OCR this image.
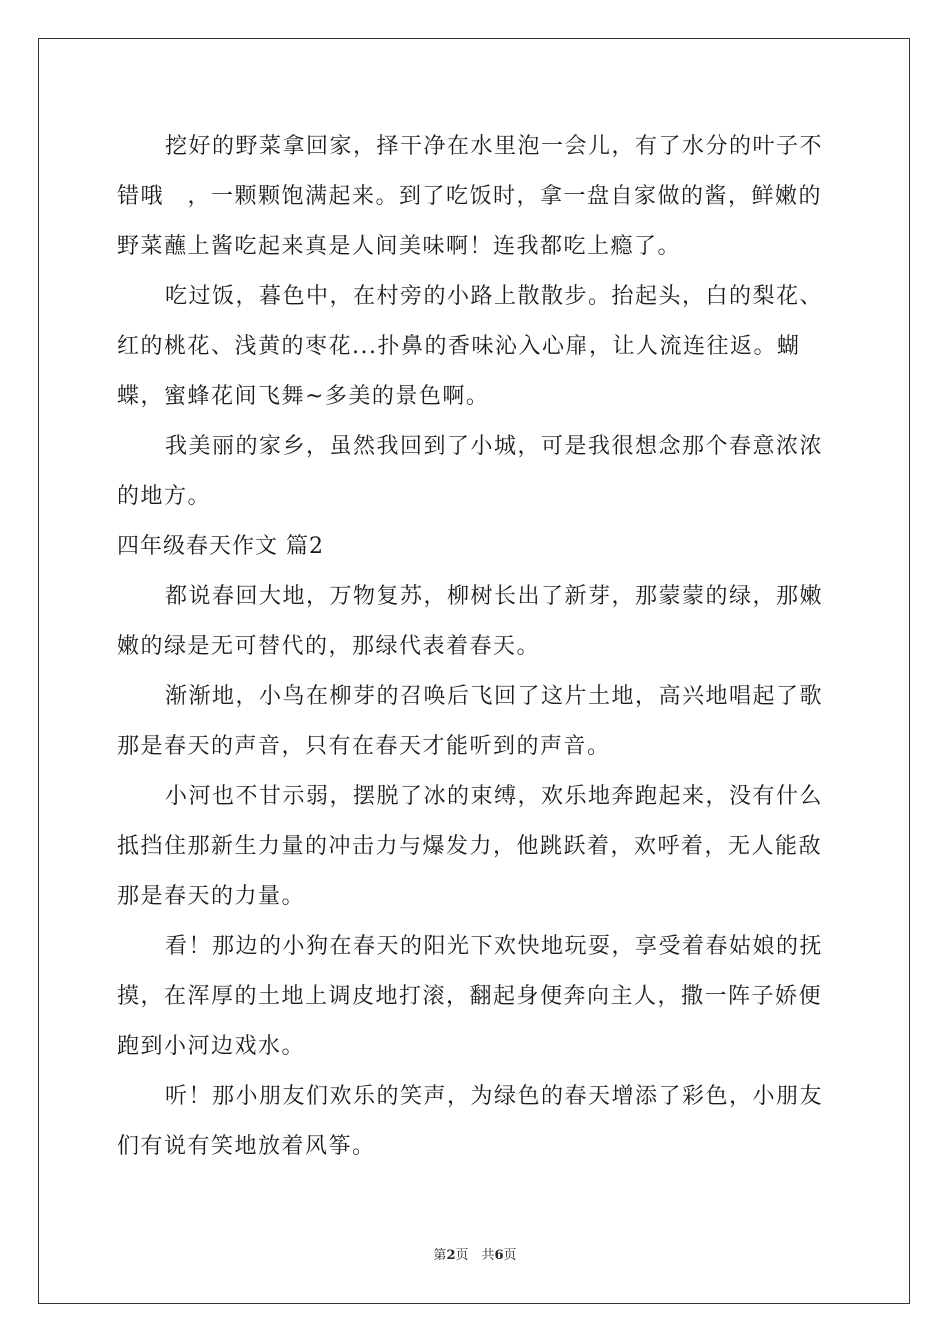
挖好的野菜拿回家，择干净在水里泡一会儿，有了水分的叶子不
错哦　，一颗颗饱满起来。到了吃饭时，拿一盘自家做的酱，鲜嫩的
野菜蘸上酱吃起来真是人间美味啊！连我都吃上瘾了。
吃过饭，暮色中，在村旁的小路上散散步。抬起头，白的梨花、
红的桃花、浅黄的枣花...扑鼻的香味沁入心扉，让人流连往返。蝴
蝶，蜜蜂花间飞舞~多美的景色啊。
我美丽的家乡，虽然我回到了小城，可是我很想念那个春意浓浓
的地方。
四年级春天作文 篇2
都说春回大地，万物复苏，柳树长出了新芽，那蒙蒙的绿，那嫩
嫩的绿是无可替代的，那绿代表着春天。
渐渐地，小鸟在柳芽的召唤后飞回了这片土地，高兴地唱起了歌
那是春天的声音，只有在春天才能听到的声音。
小河也不甘示弱，摆脱了冰的束缚，欢乐地奔跑起来，没有什么
抵挡住那新生力量的冲击力与爆发力，他跳跃着，欢呼着，无人能敌
那是春天的力量。
看！那边的小狗在春天的阳光下欢快地玩耍，享受着春姑娘的抚
摸，在浑厚的土地上调皮地打滚，翻起身便奔向主人，撒一阵子娇便
跑到小河边戏水。
听！那小朋友们欢乐的笑声，为绿色的春天增添了彩色，小朋友
们有说有笑地放着风筝。
第2页　共6页
